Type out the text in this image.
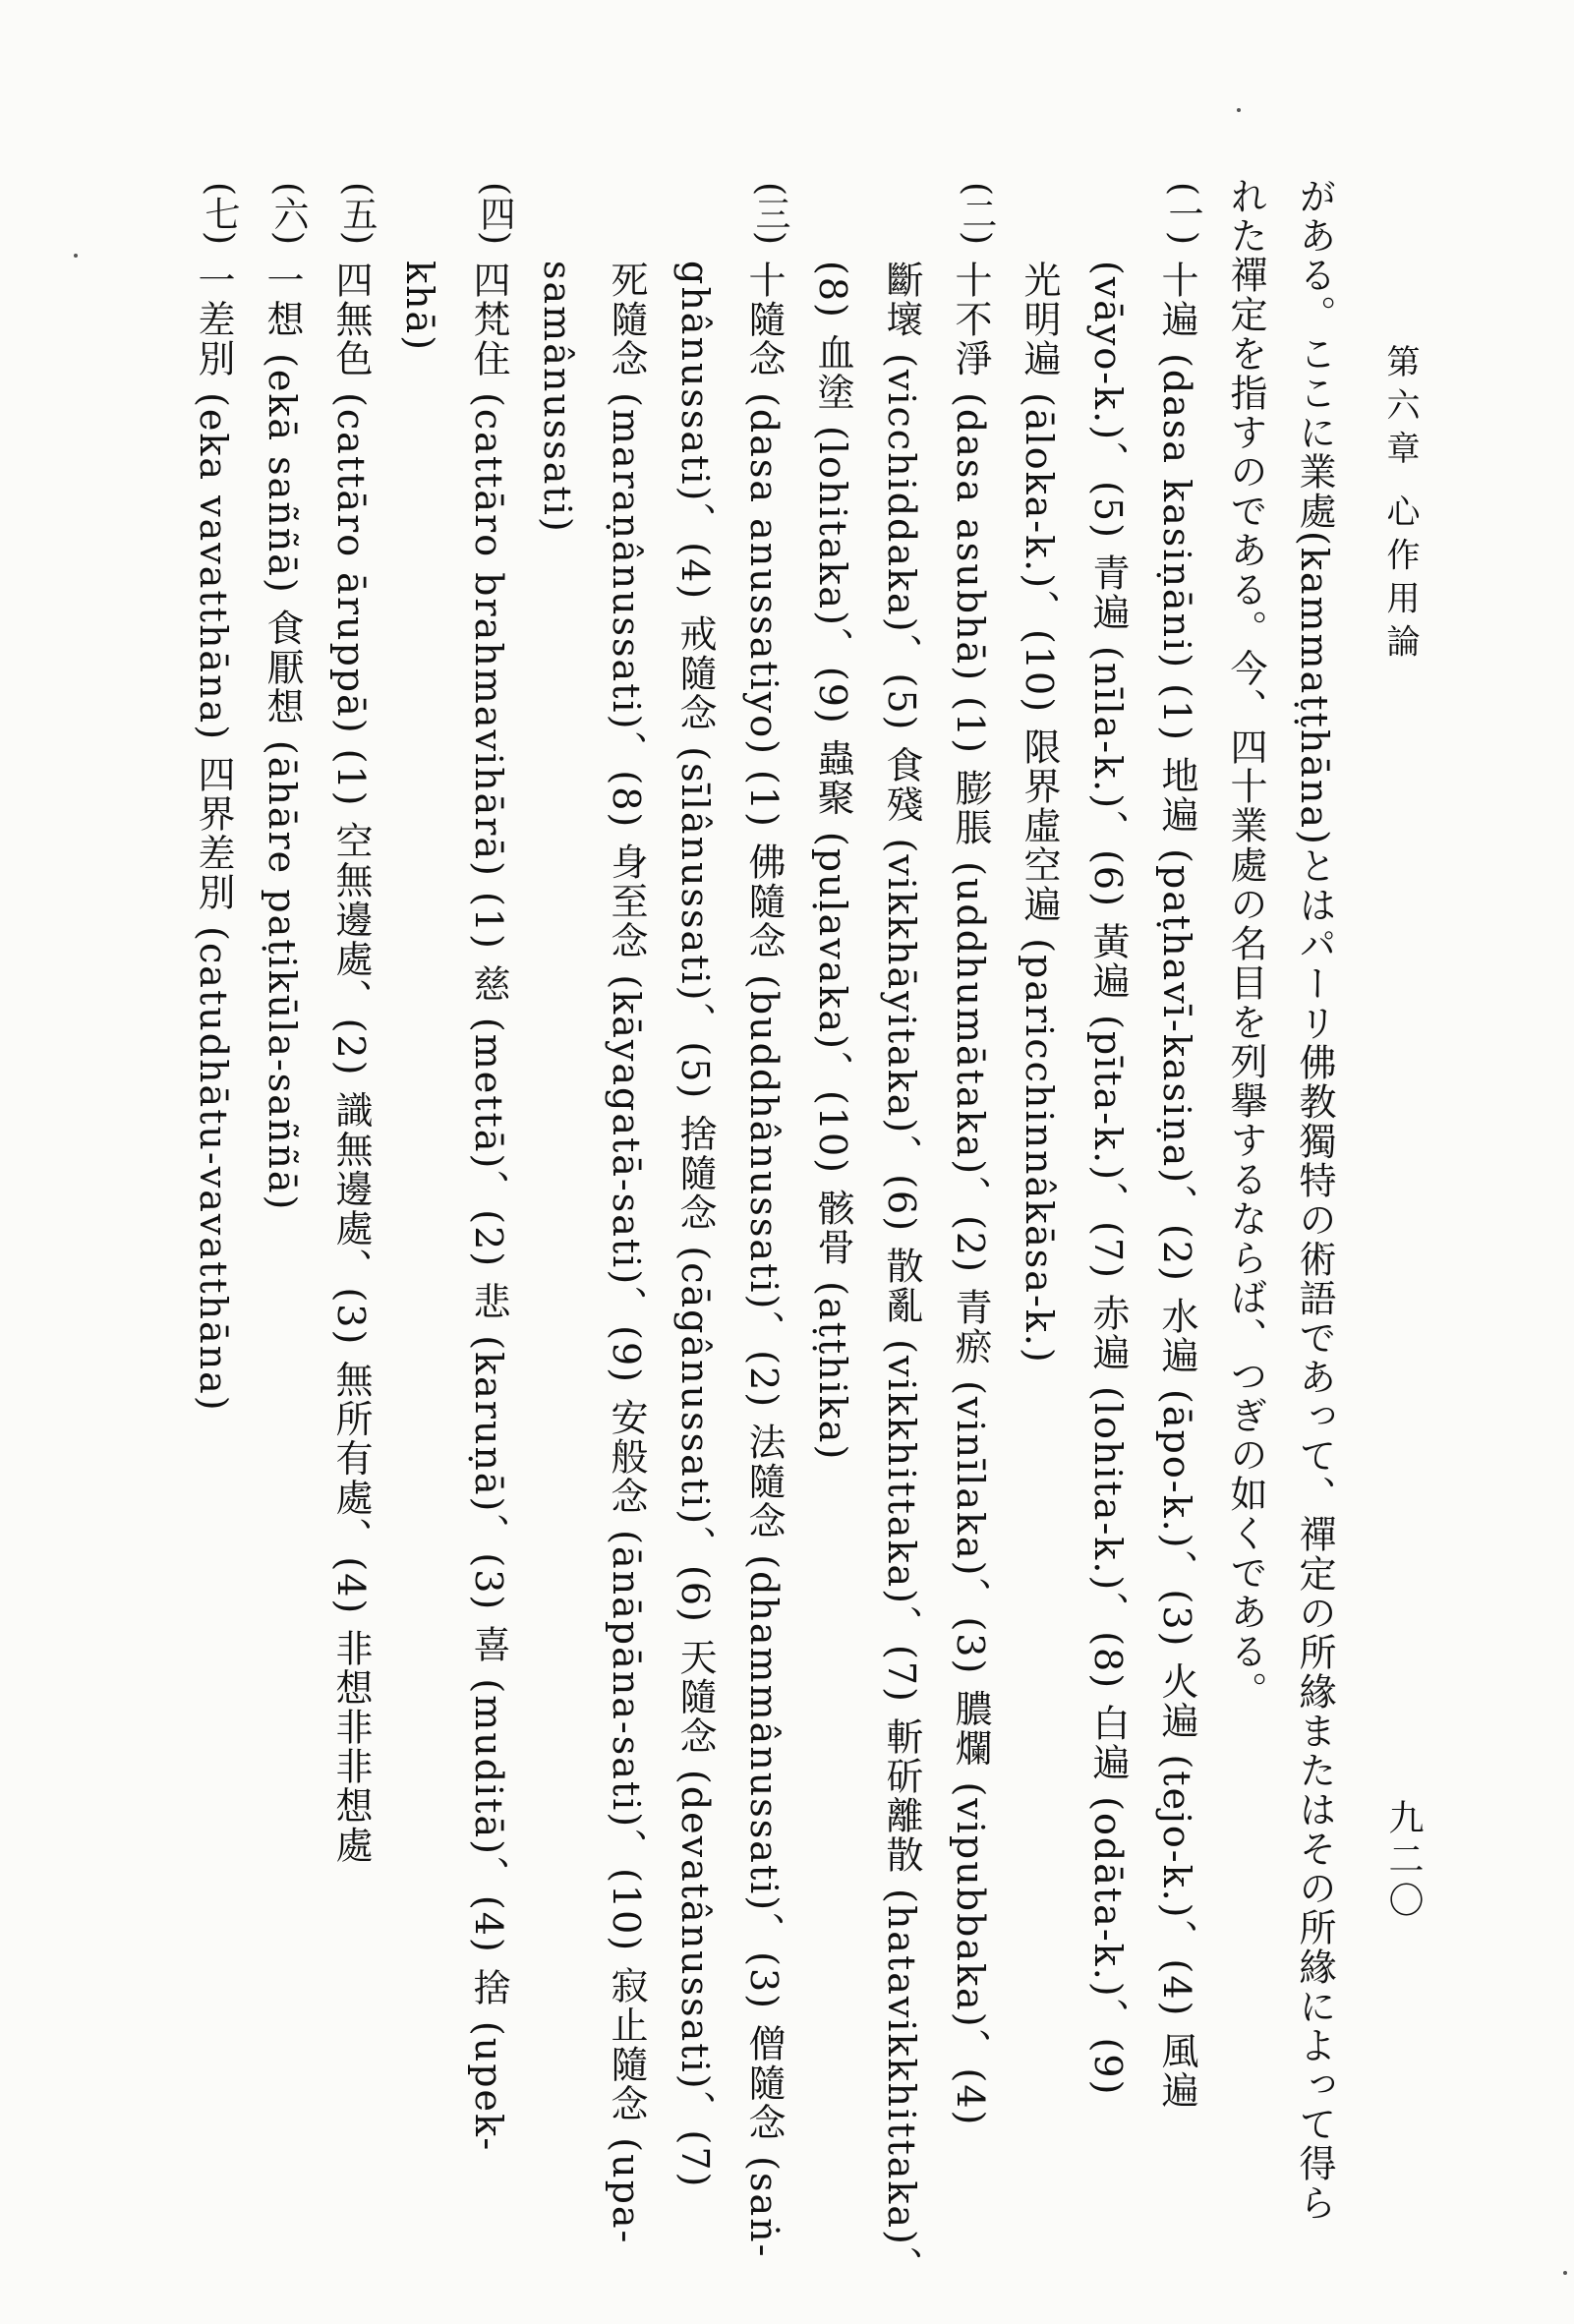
第六章 心作用論
九二〇
がある。ここに業處(kammaṭṭhāna)とはパーリ佛教獨特の術語であって、禪定の所緣またはその所緣によって得ら
れた禪定を指すのである。今、四十業處の名目を列擧するならば、つぎの如くである。
(一)
十遍 (dasa kasiṇāni) (1) 地遍 (paṭhavī-kasiṇa)、(2) 水遍 (āpo-k.)、(3) 火遍 (tejo-k.)、(4) 風遍
(vāyo-k.)、(5) 青遍 (nīla-k.)、(6) 黃遍 (pīta-k.)、(7) 赤遍 (lohita-k.)、(8) 白遍 (odāta-k.)、(9)
光明遍 (āloka-k.)、(10) 限界虛空遍 (paricchinnâkāsa-k.)
(二)
十不淨 (dasa asubhā) (1) 膨脹 (uddhumātaka)、(2) 青瘀 (vinīlaka)、(3) 膿爛 (vipubbaka)、(4)
斷壞 (vicchiddaka)、(5) 食殘 (vikkhāyitaka)、(6) 散亂 (vikkhittaka)、(7) 斬斫離散 (hatavikkhittaka)、
(8) 血塗 (lohitaka)、(9) 蟲聚 (puḷavaka)、(10) 骸骨 (aṭṭhika)
(三)
十隨念 (dasa anussatiyo) (1) 佛隨念 (buddhânussati)、(2) 法隨念 (dhammânussati)、(3) 僧隨念 (saṅ-
ghânussati)、(4) 戒隨念 (sīlânussati)、(5) 捨隨念 (cāgânussati)、(6) 天隨念 (devatânussati)、(7)
死隨念 (maraṇânussati)、(8) 身至念 (kāyagatā-sati)、(9) 安般念 (ānāpāna-sati)、(10) 寂止隨念 (upa-
samânussati)
(四)
四梵住 (cattāro brahmavihārā) (1) 慈 (mettā)、(2) 悲 (karuṇā)、(3) 喜 (muditā)、(4) 捨 (upek-
khā)
(五)
四無色 (cattāro āruppā) (1) 空無邊處、(2) 識無邊處、(3) 無所有處、(4) 非想非非想處
(六)
一想 (ekā saññā) 食厭想 (āhāre paṭikūla-saññā)
(七)
一差別 (eka vavatthāna) 四界差別 (catudhātu-vavatthāna)
